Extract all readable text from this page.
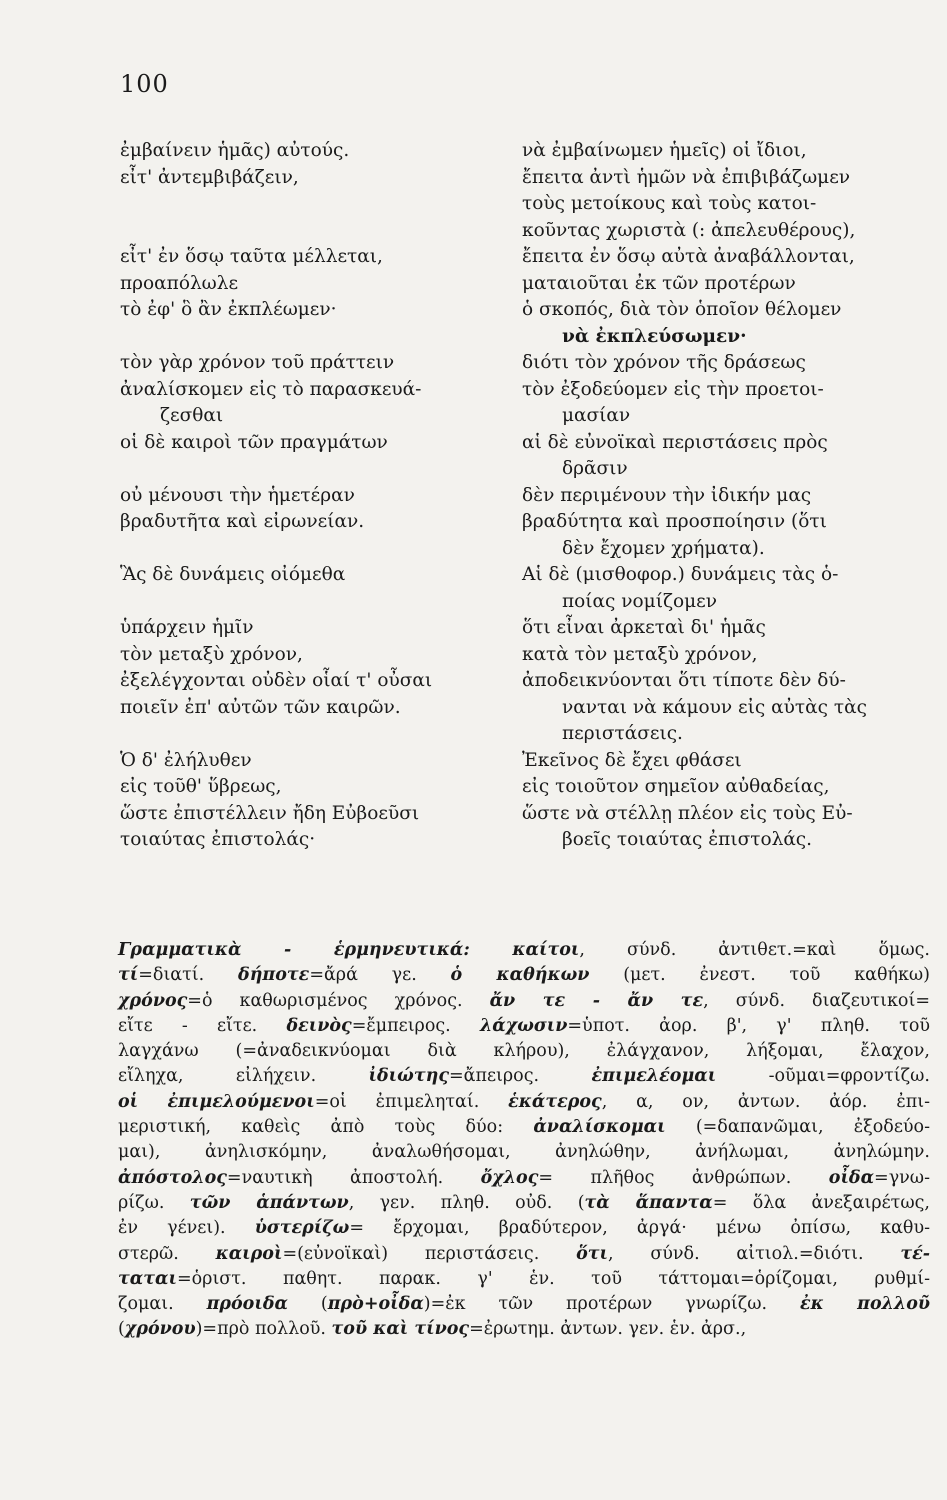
100
ἐμβαίνειν ἡμᾶς) αὐτούς.
εἶτ' ἀντεμβιβάζειν,
εἶτ' ἐν ὅσῳ ταῦτα μέλλεται,
προαπόλωλε
τὸ ἐφ' ὃ ἂν ἐκπλέωμεν·
τὸν γὰρ χρόνον τοῦ πράττειν
ἀναλίσκομεν εἰς τὸ παρασκευά-
ζεσθαι
οἱ δὲ καιροὶ τῶν πραγμάτων
οὐ μένουσι τὴν ἡμετέραν
βραδυτῆτα καὶ εἰρωνείαν.
Ἃς δὲ δυνάμεις οἰόμεθα
ὑπάρχειν ἡμῖν
τὸν μεταξὺ χρόνον,
ἐξελέγχονται οὐδὲν οἷαί τ' οὖσαι
ποιεῖν ἐπ' αὐτῶν τῶν καιρῶν.
Ὁ δ' ἐλήλυθεν
εἰς τοῦθ' ὕβρεως,
ὥστε ἐπιστέλλειν ἤδη Εὐβοεῦσι
τοιαύτας ἐπιστολάς·
νὰ ἐμβαίνωμεν ἡμεῖς) οἱ ἴδιοι,
ἔπειτα ἀντὶ ἡμῶν νὰ ἐπιβιβάζωμεν
τοὺς μετοίκους καὶ τοὺς κατοι-
κοῦντας χωριστὰ (: ἀπελευθέρους),
ἔπειτα ἐν ὅσῳ αὐτὰ ἀναβάλλονται,
ματαιοῦται ἐκ τῶν προτέρων
ὁ σκοπός, διὰ τὸν ὁποῖον θέλομεν
νὰ ἐκπλεύσωμεν·
διότι τὸν χρόνον τῆς δράσεως
τὸν ἐξοδεύομεν εἰς τὴν προετοι-
μασίαν
αἱ δὲ εὐνοϊκαὶ περιστάσεις πρὸς
δρᾶσιν
δὲν περιμένουν τὴν ἰδικήν μας
βραδύτητα καὶ προσποίησιν (ὅτι
δὲν ἔχομεν χρήματα).
Αἱ δὲ (μισθοφορ.) δυνάμεις τὰς ὁ-
ποίας νομίζομεν
ὅτι εἶναι ἀρκεταὶ δι' ἡμᾶς
κατὰ τὸν μεταξὺ χρόνον,
ἀποδεικνύονται ὅτι τίποτε δὲν δύ-
νανται νὰ κάμουν εἰς αὐτὰς τὰς
περιστάσεις.
Ἐκεῖνος δὲ ἔχει φθάσει
εἰς τοιοῦτον σημεῖον αὐθαδείας,
ὥστε νὰ στέλλῃ πλέον εἰς τοὺς Εὐ-
βοεῖς τοιαύτας ἐπιστολάς.
Γραμματικὰ - ἑρμηνευτικά: καίτοι, σύνδ. ἀντιθετ.=καὶ ὅμως.
τί=διατί. δήποτε=ἄρά γε. ὁ καθήκων (μετ. ἐνεστ. τοῦ καθήκω)
χρόνος=ὁ καθωρισμένος χρόνος. ἄν τε - ἄν τε, σύνδ. διαζευτικοί=
εἴτε - εἴτε. δεινὸς=ἔμπειρος. λάχωσιν=ὑποτ. ἀορ. β', γ' πληθ. τοῦ
λαγχάνω (=ἀναδεικνύομαι διὰ κλήρου), ἐλάγχανον, λήξομαι, ἔλαχον,
εἴληχα, εἰλήχειν. ἰδιώτης=ἄπειρος. ἐπιμελέομαι -οῦμαι=φροντίζω.
οἱ ἐπιμελούμενοι=οἱ ἐπιμεληταί. ἑκάτερος, α, ον, ἀντων. ἀόρ. ἐπι-
μεριστική, καθεὶς ἀπὸ τοὺς δύο: ἀναλίσκομαι (=δαπανῶμαι, ἐξοδεύο-
μαι), ἀνηλισκόμην, ἀναλωθήσομαι, ἀνηλώθην, ἀνήλωμαι, ἀνηλώμην.
ἀπόστολος=ναυτικὴ ἀποστολή. ὄχλος= πλῆθος ἀνθρώπων. οἶδα=γνω-
ρίζω. τῶν ἁπάντων, γεν. πληθ. οὐδ. (τὰ ἅπαντα= ὅλα ἀνεξαιρέτως,
ἐν γένει). ὑστερίζω= ἔρχομαι, βραδύτερον, ἀργά· μένω ὀπίσω, καθυ-
στερῶ. καιροὶ=(εὐνοϊκαὶ) περιστάσεις. ὅτι, σύνδ. αἰτιολ.=διότι. τέ-
ταται=ὁριστ. παθητ. παρακ. γ' ἑν. τοῦ τάττομαι=ὁρίζομαι, ρυθμί-
ζομαι. πρόοιδα (πρὸ+οἶδα)=ἐκ τῶν προτέρων γνωρίζω. ἐκ πολλοῦ
(χρόνου)=πρὸ πολλοῦ. τοῦ καὶ τίνος=ἐρωτημ. ἀντων. γεν. ἑν. ἀρσ.,
